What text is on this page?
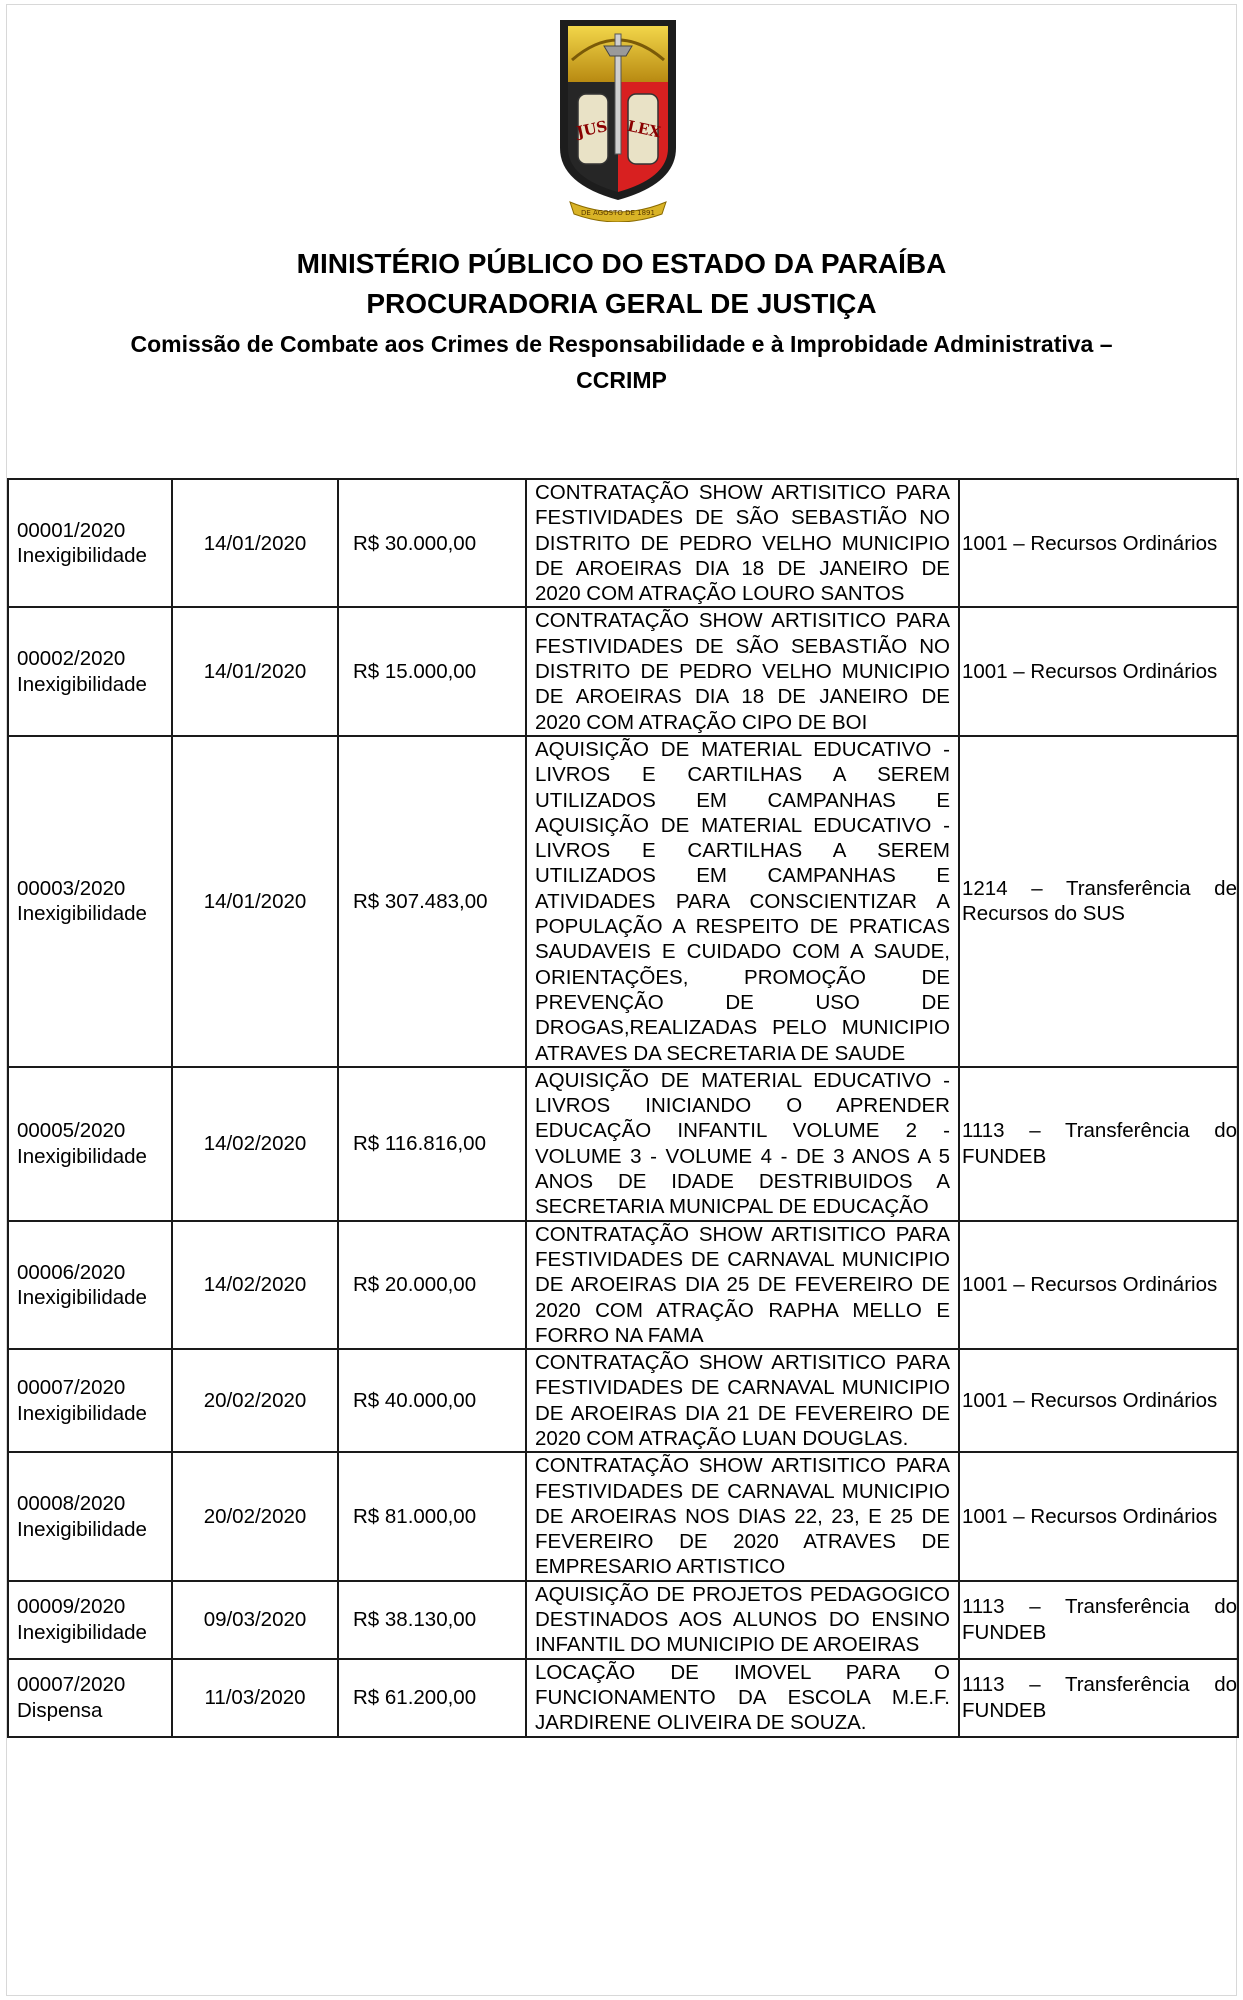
JUS LEX
DE AGOSTO DE 1891
MINISTÉRIO PÚBLICO DO ESTADO DA PARAÍBA
PROCURADORIA GERAL DE JUSTIÇA
Comissão de Combate aos Crimes de Responsabilidade e à Improbidade Administrativa –
CCRIMP
00001/2020
Inexigibilidade	14/01/2020	R$ 30.000,00	CONTRATAÇÃO SHOW ARTISITICO PARA FESTIVIDADES DE SÃO SEBASTIÃO NO DISTRITO DE PEDRO VELHO MUNICIPIO DE AROEIRAS DIA 18 DE JANEIRO DE 2020 COM ATRAÇÃO LOURO SANTOS	1001 – Recursos Ordinários

00002/2020
Inexigibilidade	14/01/2020	R$ 15.000,00	CONTRATAÇÃO SHOW ARTISITICO PARA FESTIVIDADES DE SÃO SEBASTIÃO NO DISTRITO DE PEDRO VELHO MUNICIPIO DE AROEIRAS DIA 18 DE JANEIRO DE 2020 COM ATRAÇÃO CIPO DE BOI	1001 – Recursos Ordinários

00003/2020
Inexigibilidade	14/01/2020	R$ 307.483,00	AQUISIÇÃO DE MATERIAL EDUCATIVO - LIVROS E CARTILHAS A SEREM UTILIZADOS EM CAMPANHAS E AQUISIÇÃO DE MATERIAL EDUCATIVO - LIVROS E CARTILHAS A SEREM UTILIZADOS EM CAMPANHAS E ATIVIDADES PARA CONSCIENTIZAR A POPULAÇÃO A RESPEITO DE PRATICAS SAUDAVEIS E CUIDADO COM A SAUDE, ORIENTAÇÕES, PROMOÇÃO DE PREVENÇÃO DE USO DE DROGAS,REALIZADAS PELO MUNICIPIO ATRAVES DA SECRETARIA DE SAUDE	1214 – Transferência de Recursos do SUS

00005/2020
Inexigibilidade	14/02/2020	R$ 116.816,00	AQUISIÇÃO DE MATERIAL EDUCATIVO - LIVROS INICIANDO O APRENDER EDUCAÇÃO INFANTIL VOLUME 2 - VOLUME 3 - VOLUME 4 - DE 3 ANOS A 5 ANOS DE IDADE DESTRIBUIDOS A SECRETARIA MUNICPAL DE EDUCAÇÃO	1113 – Transferência do FUNDEB

00006/2020
Inexigibilidade	14/02/2020	R$ 20.000,00	CONTRATAÇÃO SHOW ARTISITICO PARA FESTIVIDADES DE CARNAVAL MUNICIPIO DE AROEIRAS DIA 25 DE FEVEREIRO DE 2020 COM ATRAÇÃO RAPHA MELLO E FORRO NA FAMA	1001 – Recursos Ordinários

00007/2020
Inexigibilidade	20/02/2020	R$ 40.000,00	CONTRATAÇÃO SHOW ARTISITICO PARA FESTIVIDADES DE CARNAVAL MUNICIPIO DE AROEIRAS DIA 21 DE FEVEREIRO DE 2020 COM ATRAÇÃO LUAN DOUGLAS.	1001 – Recursos Ordinários

00008/2020
Inexigibilidade	20/02/2020	R$ 81.000,00	CONTRATAÇÃO SHOW ARTISITICO PARA FESTIVIDADES DE CARNAVAL MUNICIPIO DE AROEIRAS NOS DIAS 22, 23, E 25 DE FEVEREIRO DE 2020 ATRAVES DE EMPRESARIO ARTISTICO	1001 – Recursos Ordinários

00009/2020
Inexigibilidade	09/03/2020	R$ 38.130,00	AQUISIÇÃO DE PROJETOS PEDAGOGICO DESTINADOS AOS ALUNOS DO ENSINO INFANTIL DO MUNICIPIO DE AROEIRAS	1113 – Transferência do FUNDEB

00007/2020
Dispensa	11/03/2020	R$ 61.200,00	LOCAÇÃO DE IMOVEL PARA O FUNCIONAMENTO DA ESCOLA M.E.F. JARDIRENE OLIVEIRA DE SOUZA.	1113 – Transferência do FUNDEB
